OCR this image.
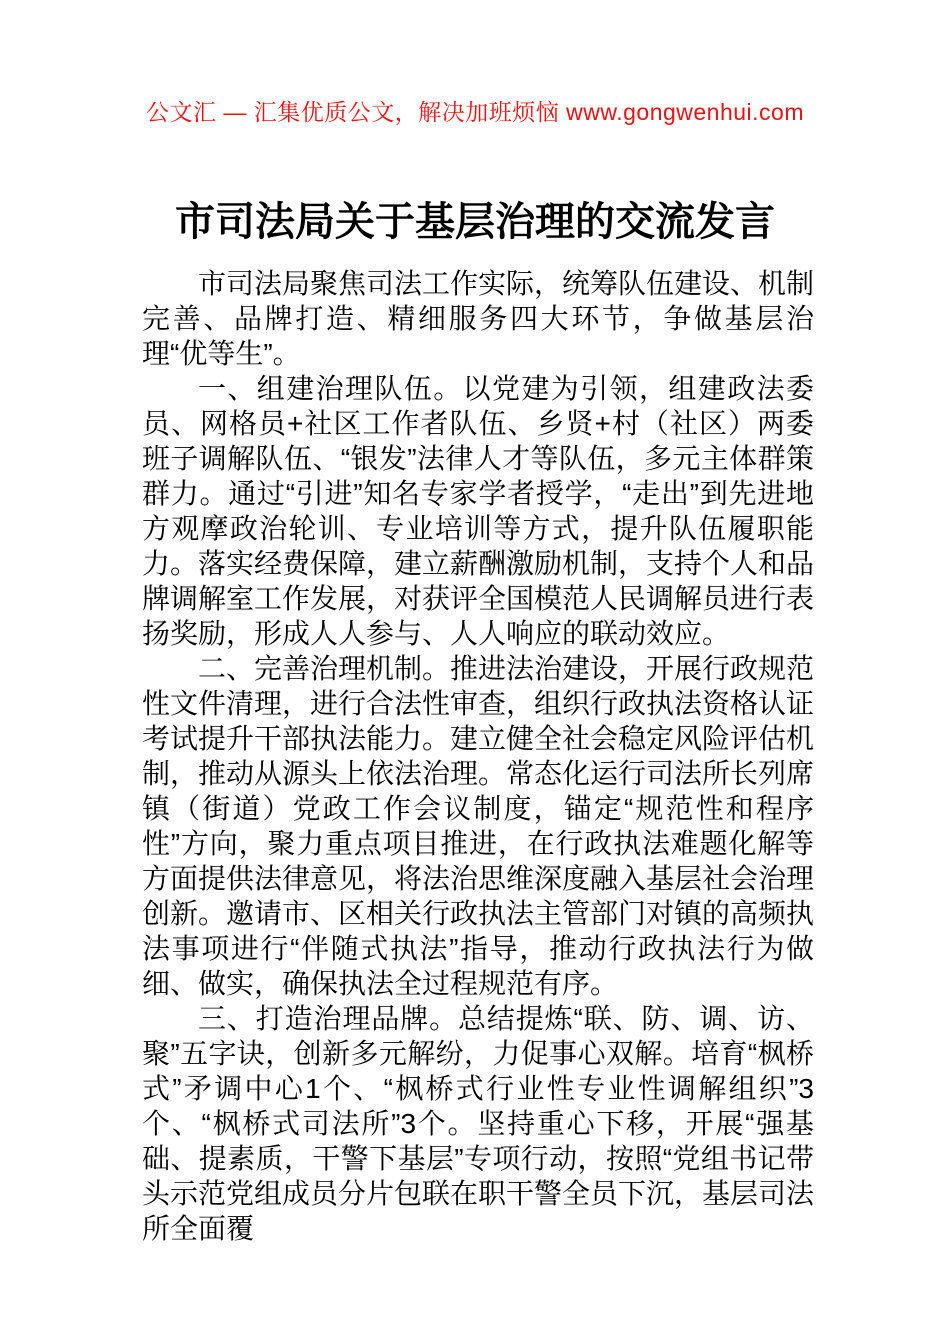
公文汇 — 汇集优质公文，解决加班烦恼 www.gongwenhui.com
市司法局关于基层治理的交流发言

市司法局聚焦司法工作实际，统筹队伍建设、机制完善、品牌打造、精细服务四大环节，争做基层治理“优等生”。

一、组建治理队伍。以党建为引领，组建政法委员、网格员+社区工作者队伍、乡贤+村（社区）两委班子调解队伍、“银发”法律人才等队伍，多元主体群策群力。通过“引进”知名专家学者授学，“走出”到先进地方观摩政治轮训、专业培训等方式，提升队伍履职能力。落实经费保障，建立薪酬激励机制，支持个人和品牌调解室工作发展，对获评全国模范人民调解员进行表扬奖励，形成人人参与、人人响应的联动效应。

二、完善治理机制。推进法治建设，开展行政规范性文件清理，进行合法性审查，组织行政执法资格认证考试提升干部执法能力。建立健全社会稳定风险评估机制，推动从源头上依法治理。常态化运行司法所长列席镇（街道）党政工作会议制度，锚定“规范性和程序性”方向，聚力重点项目推进，在行政执法难题化解等方面提供法律意见，将法治思维深度融入基层社会治理创新。邀请市、区相关行政执法主管部门对镇的高频执法事项进行“伴随式执法”指导，推动行政执法行为做细、做实，确保执法全过程规范有序。

三、打造治理品牌。总结提炼“联、防、调、访、聚”五字诀，创新多元解纷，力促事心双解。培育“枫桥式”矛调中心1个、“枫桥式行业性专业性调解组织”3个、“枫桥式司法所”3个。坚持重心下移，开展“强基础、提素质，干警下基层”专项行动，按照“党组书记带头示范党组成员分片包联在职干警全员下沉，基层司法所全面覆
